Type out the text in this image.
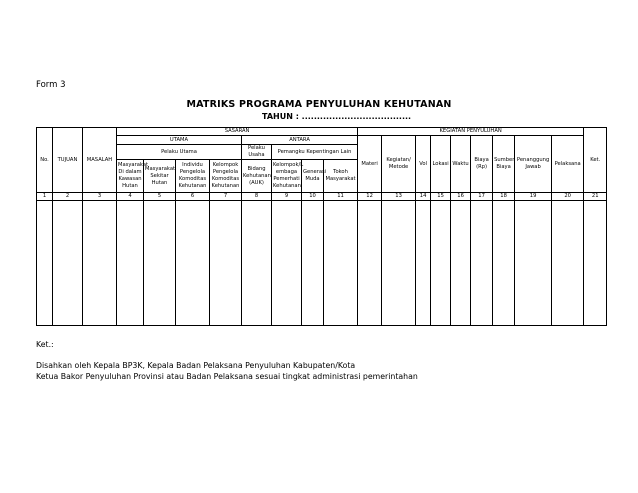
Form 3
MATRIKS PROGRAMA PENYULUHAN KEHUTANAN
TAHUN : ....................................
No.	TUJUAN	MASALAH	SASARAN								KEGIATAN PENYULUHAN									Ket.
			UTAMA				ANTARA				Materi	Kegiatan/ Metode	Vol	Lokasi	Waktu	Biaya (Rp)	Sumber Biaya	Penanggung Jawab	Pelaksana	
			Pelaku Utama				Pelaku Usaha	Pemangku Kepentingan Lain												
			Masyarakat Di dalam Kawasan Hutan	Masyarakat Sekitar Hutan	Individu Pengelola Komoditas Kehutanan	Kelompok Pengelola Komoditas Kehutanan	Bidang Kehutanan (AUK)	Kelompok/L embaga Pemerhati Kehutanan	Generasi Muda	Tokoh Masyarakat										
1	2	3	4	5	6	7	8	9	10	11	12	13	14	15	16	17	18	19	20	21

Ket.:
Disahkan oleh Kepala BP3K, Kepala Badan Pelaksana Penyuluhan Kabupaten/Kota
Ketua Bakor Penyuluhan Provinsi atau Badan Pelaksana sesuai tingkat administrasi pemerintahan
